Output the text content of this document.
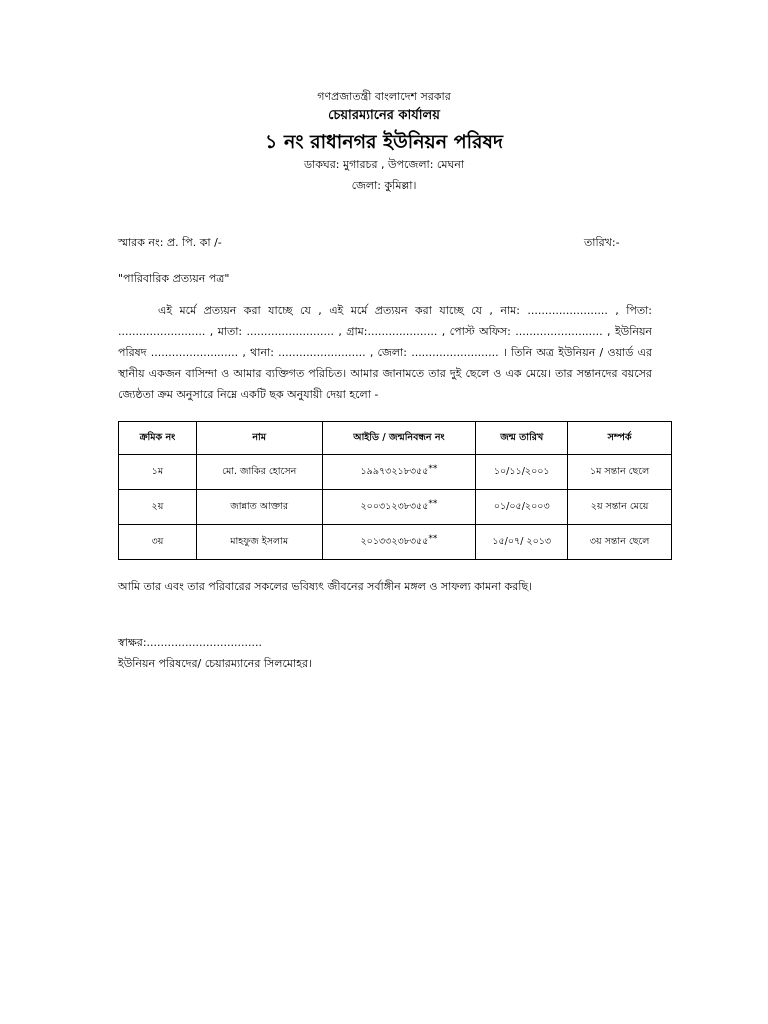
গণপ্রজাতন্ত্রী বাংলাদেশ সরকার
চেয়ারম্যানের কার্যালয়
১ নং রাধানগর ইউনিয়ন পরিষদ
ডাকঘর: মুগারচর , উপজেলা: মেঘনা
জেলা: কুমিল্লা।
স্মারক নং: প্র. পি. কা /-	তারিখ:-
"পারিবারিক প্রত্যয়ন পত্র"
এই মর্মে প্রত্যয়ন করা যাচ্ছে যে , এই মর্মে প্রত্যয়ন করা যাচ্ছে যে , নাম: ....................... , পিতা: ......................... , মাতা: ......................... , গ্রাম:.................... , পোস্ট অফিস: ......................... , ইউনিয়ন পরিষদ ......................... , থানা: ......................... , জেলা: ......................... । তিনি অত্র ইউনিয়ন / ওয়ার্ড এর স্থানীয় একজন বাসিন্দা ও আমার ব্যক্তিগত পরিচিত। আমার জানামতে তার দুই ছেলে ও এক মেয়ে। তার সন্তানদের বয়সের জ্যেষ্ঠতা ক্রম অনুসারে নিম্নে একটি ছক অনুযায়ী দেয়া হলো -
ক্রমিক নং	নাম	আইডি / জন্মনিবন্ধন নং	জন্ম তারিখ	সম্পর্ক
১ম	মো. জাকির হোসেন	১৯৯৭৩২১৮৩৫৫**	১০/১১/২০০১	১ম সন্তান ছেলে
২য়	জান্নাত আক্তার	২০০৩১২৩৮৩৫৫**	০১/০৫/২০০৩	২য় সন্তান মেয়ে
৩য়	মাহফুজ ইসলাম	২০১৩৩২৩৮৩৫৫**	১৫/০৭/ ২০১৩	৩য় সন্তান ছেলে
আমি তার এবং তার পরিবারের সকলের ভবিষ্যৎ জীবনের সর্বাঙ্গীন মঙ্গল ও সাফল্য কামনা করছি।
স্বাক্ষর:.................................
ইউনিয়ন পরিষদের/ চেয়ারম্যানের সিলমোহর।
